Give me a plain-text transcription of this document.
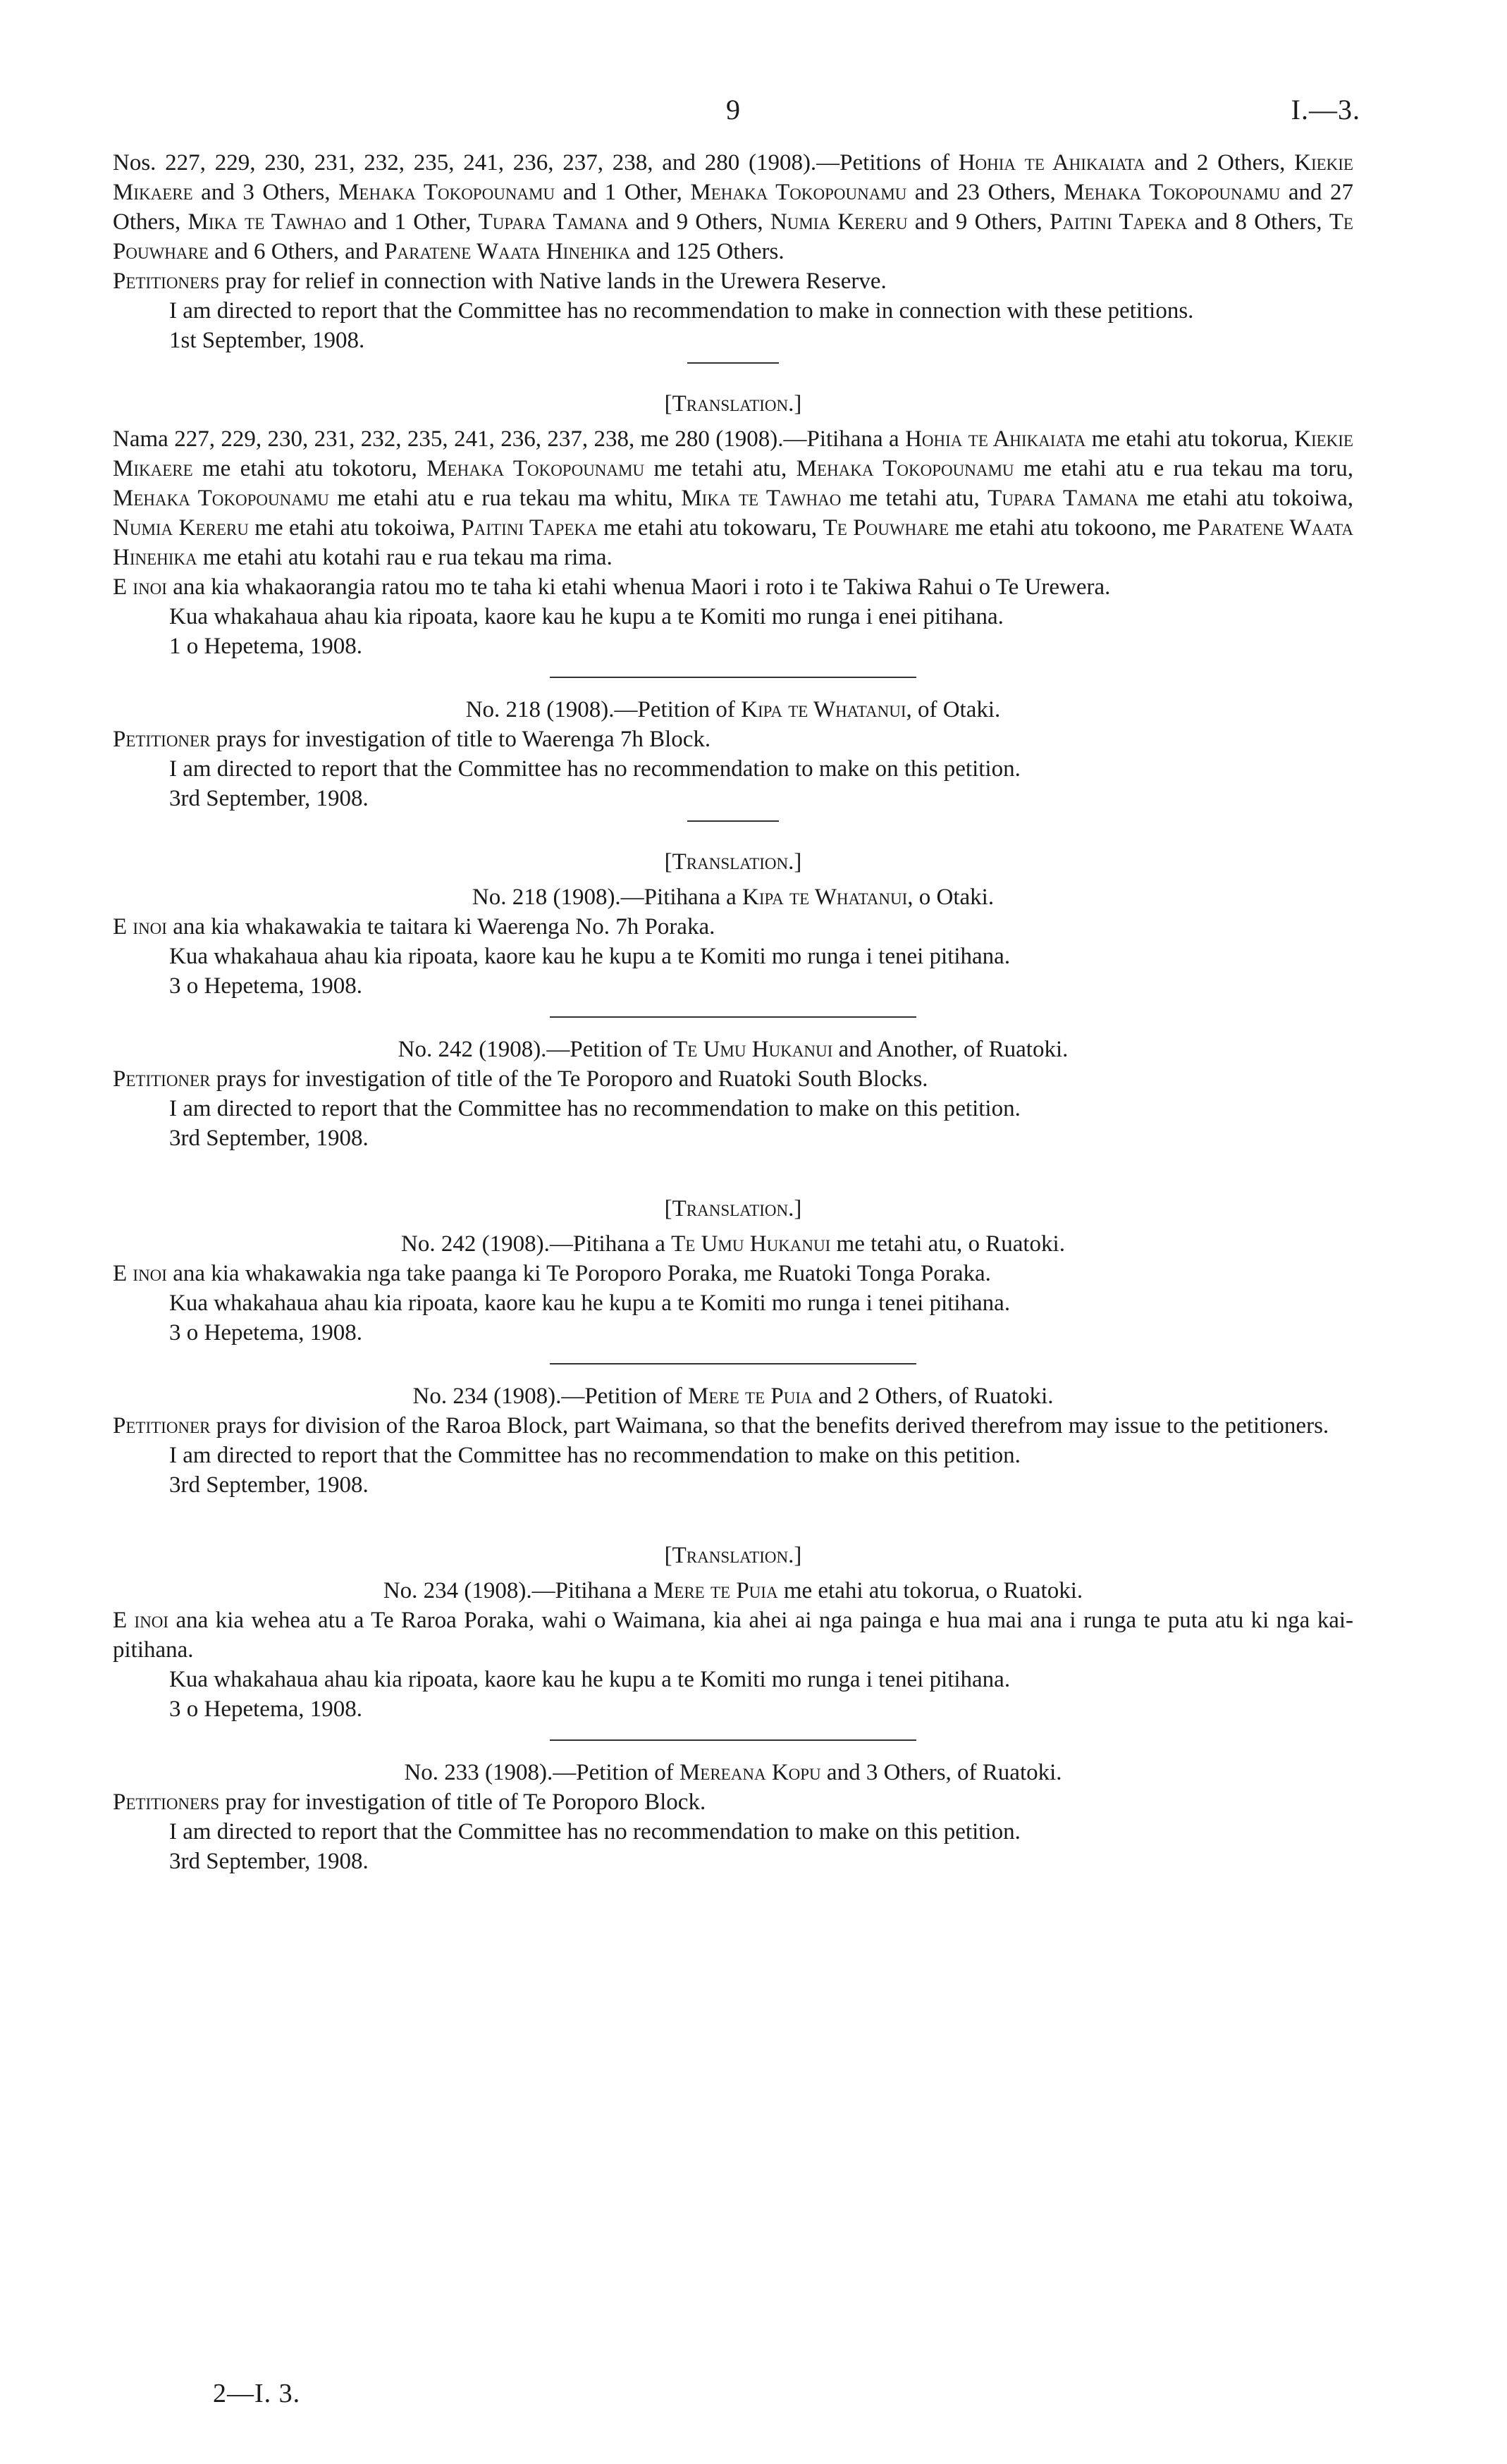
9	I.—3.

Nos. 227, 229, 230, 231, 232, 235, 241, 236, 237, 238, and 280 (1908).—Petitions of Hohia te Ahikaiata and 2 Others, Kiekie Mikaere and 3 Others, Mehaka Tokopounamu and 1 Other, Mehaka Tokopounamu and 23 Others, Mehaka Tokopounamu and 27 Others, Mika te Tawhao and 1 Other, Tupara Tamana and 9 Others, Numia Kereru and 9 Others, Paitini Tapeka and 8 Others, Te Pouwhare and 6 Others, and Paratene Waata Hinehika and 125 Others.

Petitioners pray for relief in connection with Native lands in the Urewera Reserve.

I am directed to report that the Committee has no recommendation to make in connection with these petitions.

1st September, 1908.

[Translation.]

Nama 227, 229, 230, 231, 232, 235, 241, 236, 237, 238, me 280 (1908).—Pitihana a Hohia te Ahikaiata me etahi atu tokorua, Kiekie Mikaere me etahi atu tokotoru, Mehaka Tokopounamu me tetahi atu, Mehaka Tokopounamu me etahi atu e rua tekau ma toru, Mehaka Tokopounamu me etahi atu e rua tekau ma whitu, Mika te Tawhao me tetahi atu, Tupara Tamana me etahi atu tokoiwa, Numia Kereru me etahi atu tokoiwa, Paitini Tapeka me etahi atu tokowaru, Te Pouwhare me etahi atu tokoono, me Paratene Waata Hinehika me etahi atu kotahi rau e rua tekau ma rima.

E inoi ana kia whakaorangia ratou mo te taha ki etahi whenua Maori i roto i te Takiwa Rahui o Te Urewera.

Kua whakahaua ahau kia ripoata, kaore kau he kupu a te Komiti mo runga i enei pitihana.

1 o Hepetema, 1908.

No. 218 (1908).—Petition of Kipa te Whatanui, of Otaki.

Petitioner prays for investigation of title to Waerenga 7h Block.

I am directed to report that the Committee has no recommendation to make on this petition.

3rd September, 1908.

[Translation.]

No. 218 (1908).—Pitihana a Kipa te Whatanui, o Otaki.

E inoi ana kia whakawakia te taitara ki Waerenga No. 7h Poraka.

Kua whakahaua ahau kia ripoata, kaore kau he kupu a te Komiti mo runga i tenei pitihana.

3 o Hepetema, 1908.

No. 242 (1908).—Petition of Te Umu Hukanui and Another, of Ruatoki.

Petitioner prays for investigation of title of the Te Poroporo and Ruatoki South Blocks.

I am directed to report that the Committee has no recommendation to make on this petition.

3rd September, 1908.

[Translation.]

No. 242 (1908).—Pitihana a Te Umu Hukanui me tetahi atu, o Ruatoki.

E inoi ana kia whakawakia nga take paanga ki Te Poroporo Poraka, me Ruatoki Tonga Poraka.

Kua whakahaua ahau kia ripoata, kaore kau he kupu a te Komiti mo runga i tenei pitihana.

3 o Hepetema, 1908.

No. 234 (1908).—Petition of Mere te Puia and 2 Others, of Ruatoki.

Petitioner prays for division of the Raroa Block, part Waimana, so that the benefits derived therefrom may issue to the petitioners.

I am directed to report that the Committee has no recommendation to make on this petition.

3rd September, 1908.

[Translation.]

No. 234 (1908).—Pitihana a Mere te Puia me etahi atu tokorua, o Ruatoki.

E inoi ana kia wehea atu a Te Raroa Poraka, wahi o Waimana, kia ahei ai nga painga e hua mai ana i runga te puta atu ki nga kai-pitihana.

Kua whakahaua ahau kia ripoata, kaore kau he kupu a te Komiti mo runga i tenei pitihana.

3 o Hepetema, 1908.

No. 233 (1908).—Petition of Mereana Kopu and 3 Others, of Ruatoki.

Petitioners pray for investigation of title of Te Poroporo Block.

I am directed to report that the Committee has no recommendation to make on this petition.

3rd September, 1908.

2—I. 3.
